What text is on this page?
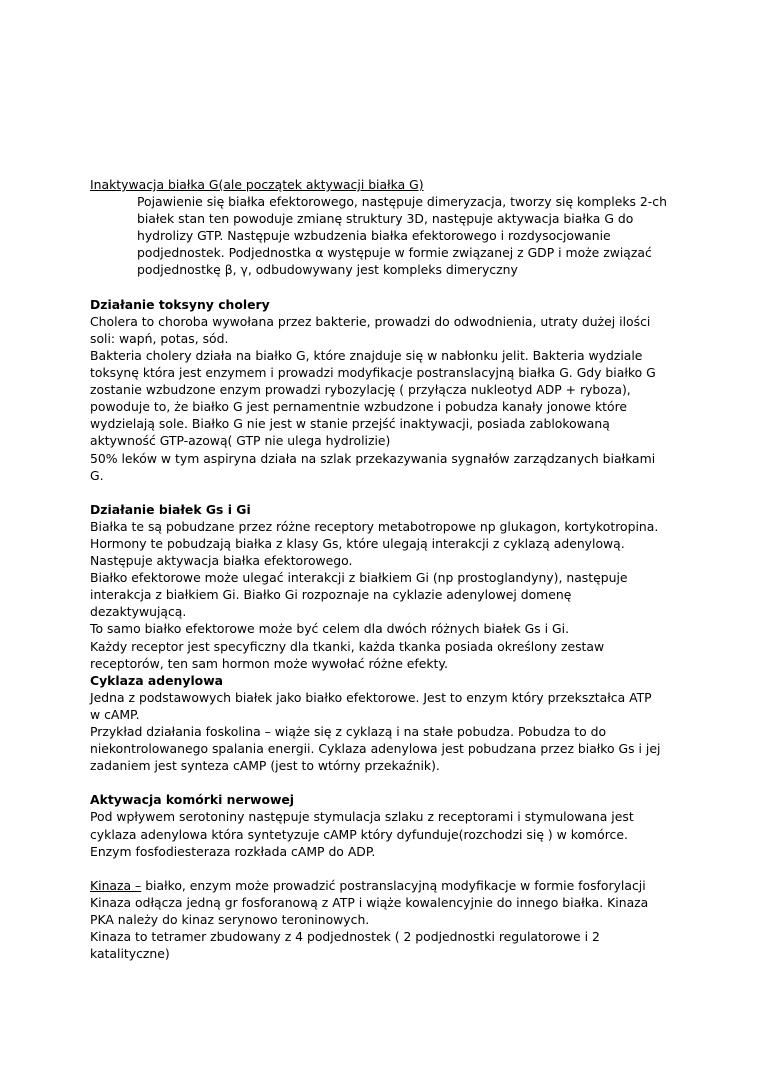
Inaktywacja białka G(ale początek aktywacji białka G)

Pojawienie się białka efektorowego, następuje dimeryzacja, tworzy się kompleks 2-ch

białek stan ten powoduje zmianę struktury 3D, następuje aktywacja białka G do

hydrolizy GTP. Następuje wzbudzenia białka efektorowego i rozdysocjowanie

podjednostek. Podjednostka α występuje w formie związanej z GDP i może związać

podjednostkę β, γ, odbudowywany jest kompleks dimeryczny

Działanie toksyny cholery

Cholera to choroba wywołana przez bakterie, prowadzi do odwodnienia, utraty dużej ilości

soli: wapń, potas, sód.

Bakteria cholery działa na białko G, które znajduje się w nabłonku jelit. Bakteria wydziale

toksynę która jest enzymem i prowadzi modyfikacje postranslacyjną białka G. Gdy białko G

zostanie wzbudzone enzym prowadzi rybozylację ( przyłącza nukleotyd ADP + ryboza),

powoduje to, że białko G jest pernamentnie wzbudzone i pobudza kanały jonowe które

wydzielają sole. Białko G nie jest w stanie przejść inaktywacji, posiada zablokowaną

aktywność GTP-azową( GTP nie ulega hydrolizie)

50% leków w tym aspiryna działa na szlak przekazywania sygnałów zarządzanych białkami

G.

Działanie białek Gs i Gi

Białka te są pobudzane przez różne receptory metabotropowe np glukagon, kortykotropina.

Hormony te pobudzają białka z klasy Gs, które ulegają interakcji z cyklazą adenylową.

Następuje aktywacja białka efektorowego.

Białko efektorowe może ulegać interakcji z białkiem Gi (np prostoglandyny), następuje

interakcja z białkiem Gi. Białko Gi rozpoznaje na cyklazie adenylowej domenę

dezaktywującą.

To samo białko efektorowe może być celem dla dwóch różnych białek Gs i Gi.

Każdy receptor jest specyficzny dla tkanki, każda tkanka posiada określony zestaw

receptorów, ten sam hormon może wywołać różne efekty.

Cyklaza adenylowa

Jedna z podstawowych białek jako białko efektorowe. Jest to enzym który przekształca ATP

w cAMP.

Przykład działania foskolina – wiąże się z cyklazą i na stałe pobudza. Pobudza to do

niekontrolowanego spalania energii. Cyklaza adenylowa jest pobudzana przez białko Gs i jej

zadaniem jest synteza cAMP (jest to wtórny przekaźnik).

Aktywacja komórki nerwowej

Pod wpływem serotoniny następuje stymulacja szlaku z receptorami i stymulowana jest

cyklaza adenylowa która syntetyzuje cAMP który dyfunduje(rozchodzi się ) w komórce.

Enzym fosfodiesteraza rozkłada cAMP do ADP.

Kinaza – białko, enzym może prowadzić postranslacyjną modyfikacje w formie fosforylacji

Kinaza odłącza jedną gr fosforanową z ATP i wiąże kowalencyjnie do innego białka. Kinaza

PKA należy do kinaz serynowo teroninowych.

Kinaza to tetramer zbudowany z 4 podjednostek ( 2 podjednostki regulatorowe i 2

katalityczne)
